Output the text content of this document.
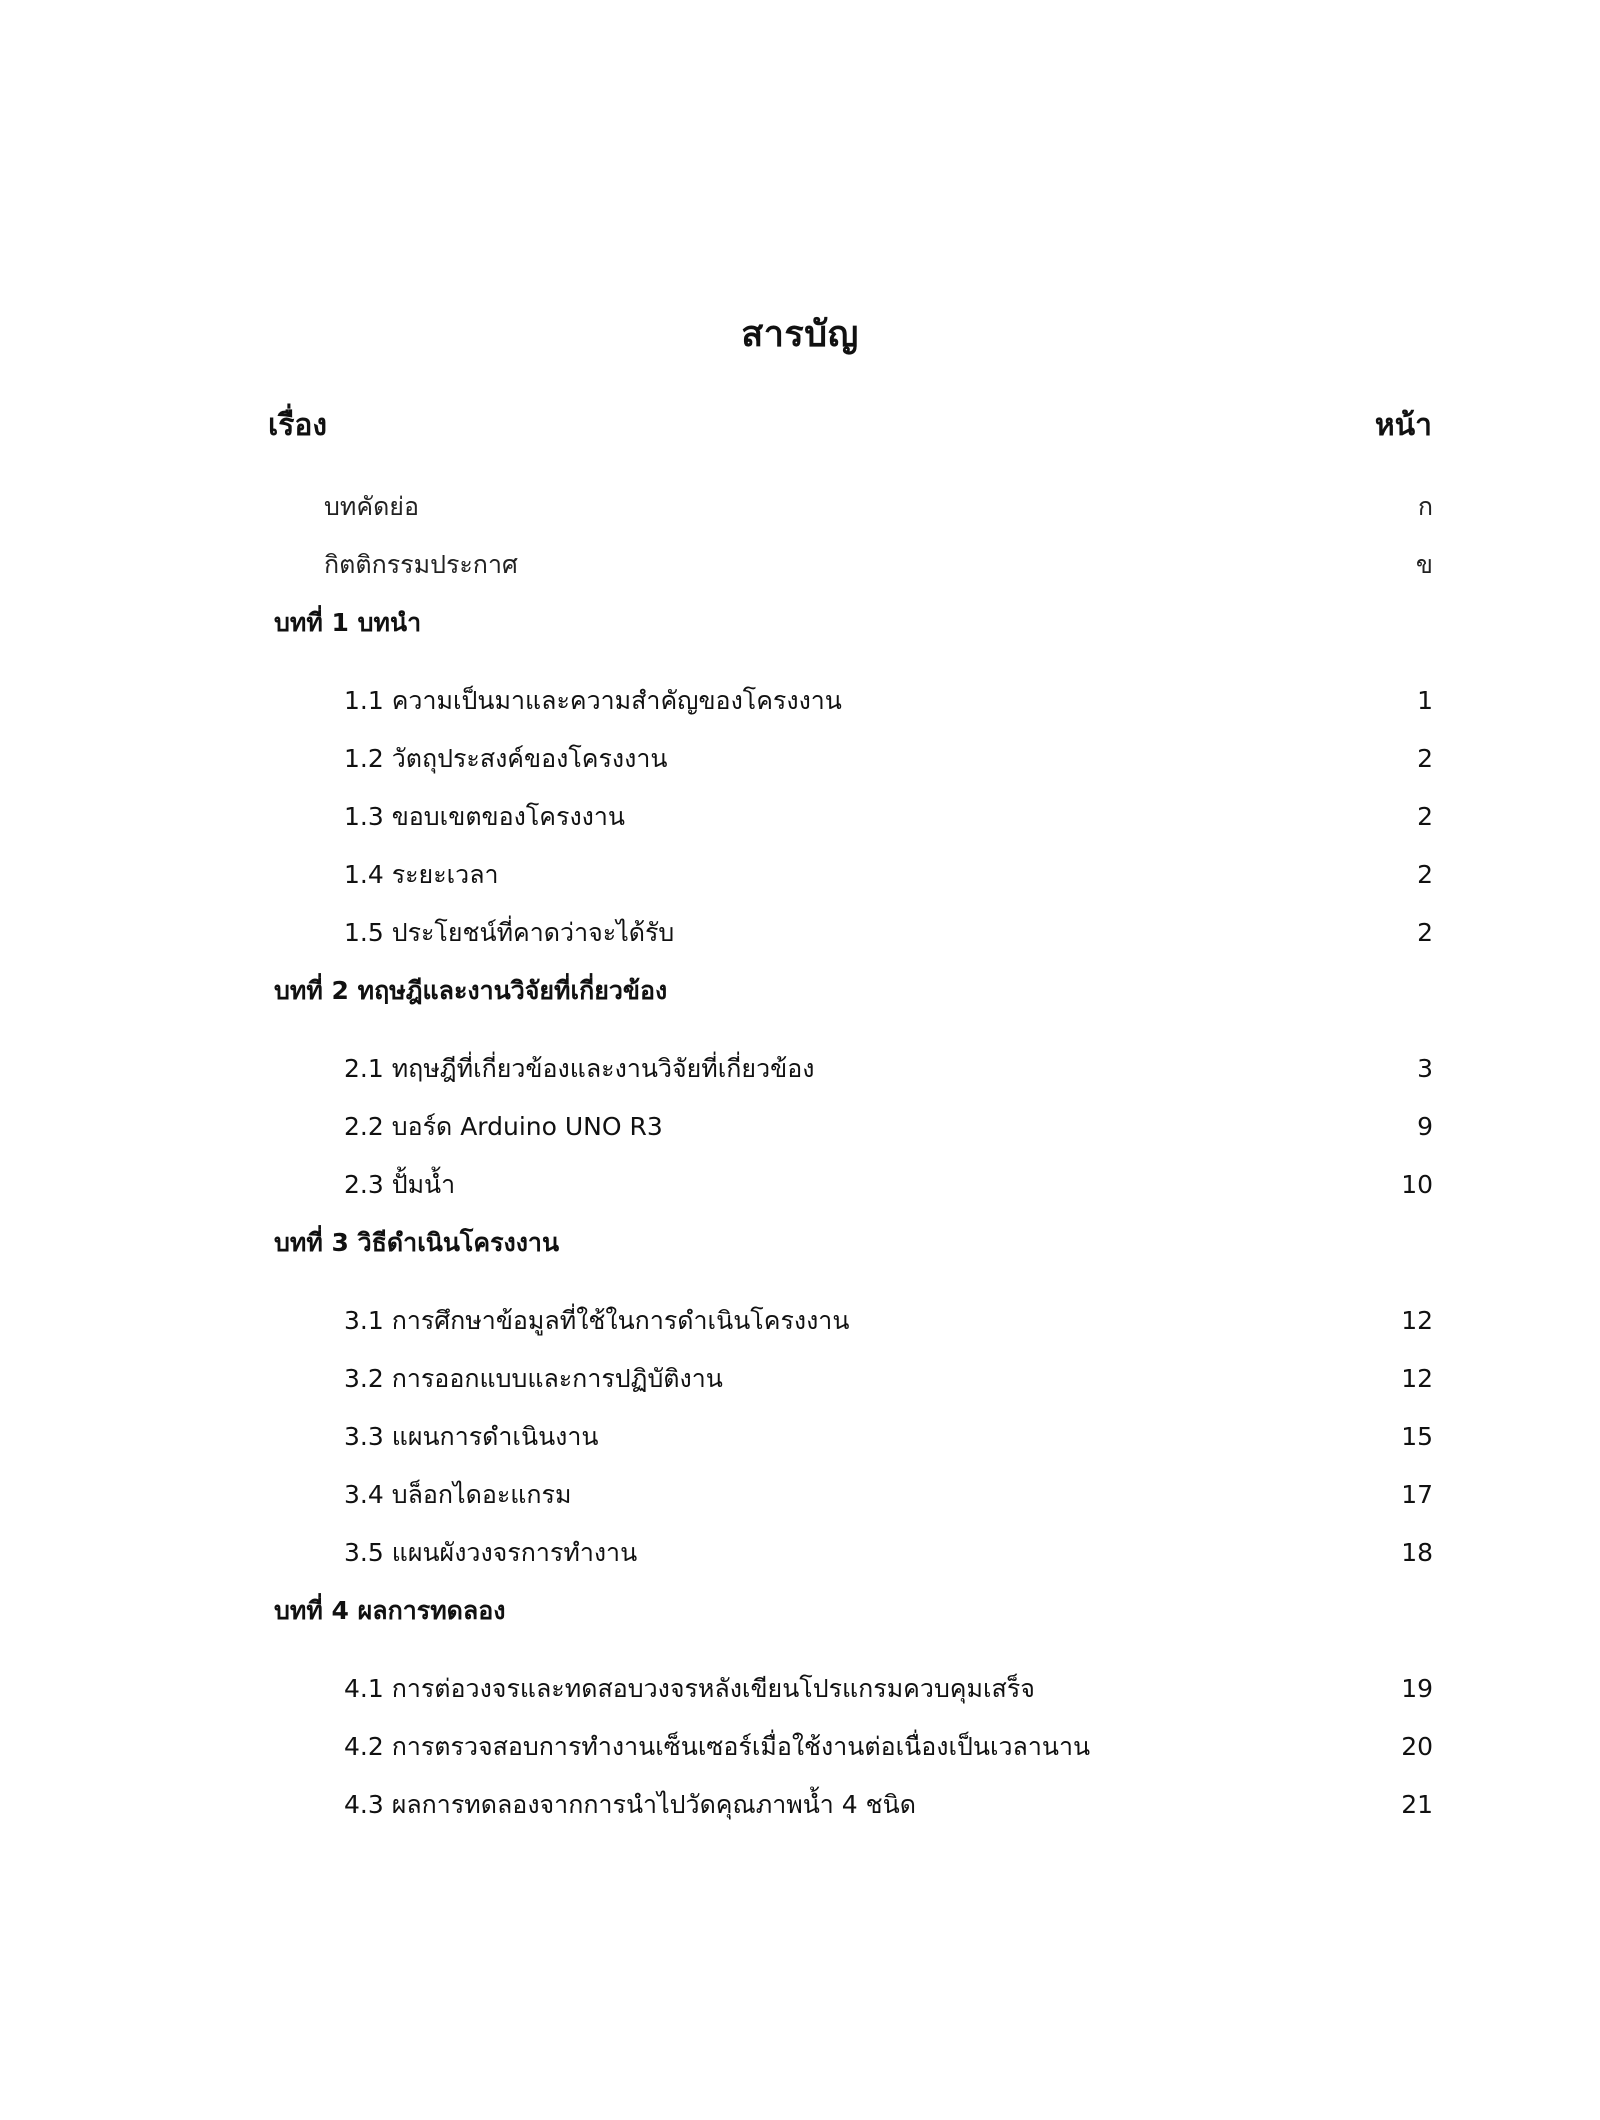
สารบัญ
เรื่อง	หน้า
บทคัดย่อ	ก
กิตติกรรมประกาศ	ข
บทที่ 1 บทนำ
1.1 ความเป็นมาและความสำคัญของโครงงาน	1
1.2 วัตถุประสงค์ของโครงงาน	2
1.3 ขอบเขตของโครงงาน	2
1.4 ระยะเวลา	2
1.5 ประโยชน์ที่คาดว่าจะได้รับ	2
บทที่ 2 ทฤษฎีและงานวิจัยที่เกี่ยวข้อง
2.1 ทฤษฎีที่เกี่ยวข้องและงานวิจัยที่เกี่ยวข้อง	3
2.2 บอร์ด Arduino UNO R3	9
2.3 ปั้มน้ำ	10
บทที่ 3 วิธีดำเนินโครงงาน
3.1 การศึกษาข้อมูลที่ใช้ในการดำเนินโครงงาน	12
3.2 การออกแบบและการปฏิบัติงาน	12
3.3 แผนการดำเนินงาน	15
3.4 บล็อกไดอะแกรม	17
3.5 แผนผังวงจรการทำงาน	18
บทที่ 4 ผลการทดลอง
4.1 การต่อวงจรและทดสอบวงจรหลังเขียนโปรแกรมควบคุมเสร็จ	19
4.2 การตรวจสอบการทำงานเซ็นเซอร์เมื่อใช้งานต่อเนื่องเป็นเวลานาน	20
4.3 ผลการทดลองจากการนำไปวัดคุณภาพน้ำ 4 ชนิด	21
